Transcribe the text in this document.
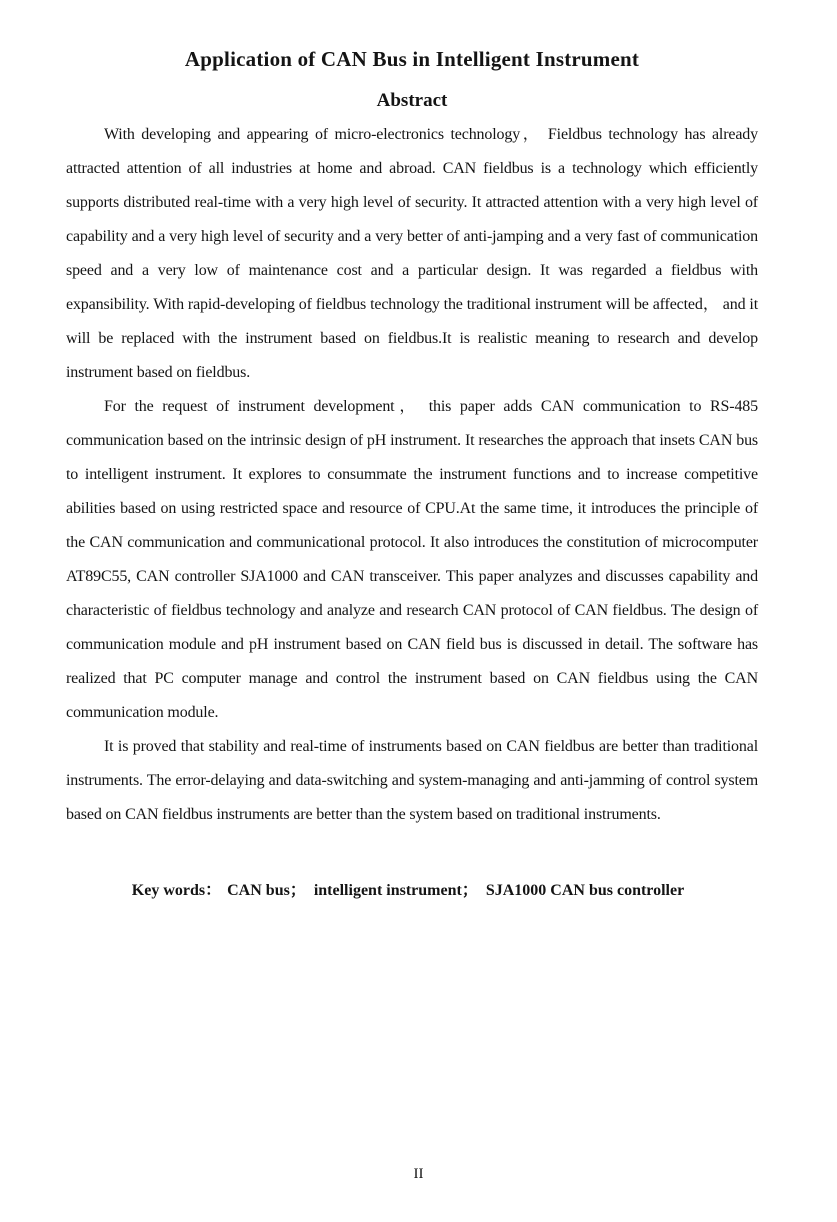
Application of CAN Bus in Intelligent Instrument
Abstract

With developing and appearing of micro-electronics technology， Fieldbus technology has already attracted attention of all industries at home and abroad. CAN fieldbus is a technology which efficiently supports distributed real-time with a very high level of security. It attracted attention with a very high level of capability and a very high level of security and a very better of anti-jamping and a very fast of communication speed and a very low of maintenance cost and a particular design. It was regarded a fieldbus with expansibility. With rapid-developing of fieldbus technology the traditional instrument will be affected， and it will be replaced with the instrument based on fieldbus.It is realistic meaning to research and develop instrument based on fieldbus.

For the request of instrument development， this paper adds CAN communication to RS-485 communication based on the intrinsic design of pH instrument. It researches the approach that insets CAN bus to intelligent instrument. It explores to consummate the instrument functions and to increase competitive abilities based on using restricted space and resource of CPU.At the same time, it introduces the principle of the CAN communication and communicational protocol. It also introduces the constitution of microcomputer AT89C55, CAN controller SJA1000 and CAN transceiver. This paper analyzes and discusses capability and characteristic of fieldbus technology and analyze and research CAN protocol of CAN fieldbus. The design of communication module and pH instrument based on CAN field bus is discussed in detail. The software has realized that PC computer manage and control the instrument based on CAN fieldbus using the CAN communication module.

It is proved that stability and real-time of instruments based on CAN fieldbus are better than traditional instruments. The error-delaying and data-switching and system-managing and anti-jamming of control system based on CAN fieldbus instruments are better than the system based on traditional instruments.

Key words： CAN bus； intelligent instrument； SJA1000 CAN bus controller
II
